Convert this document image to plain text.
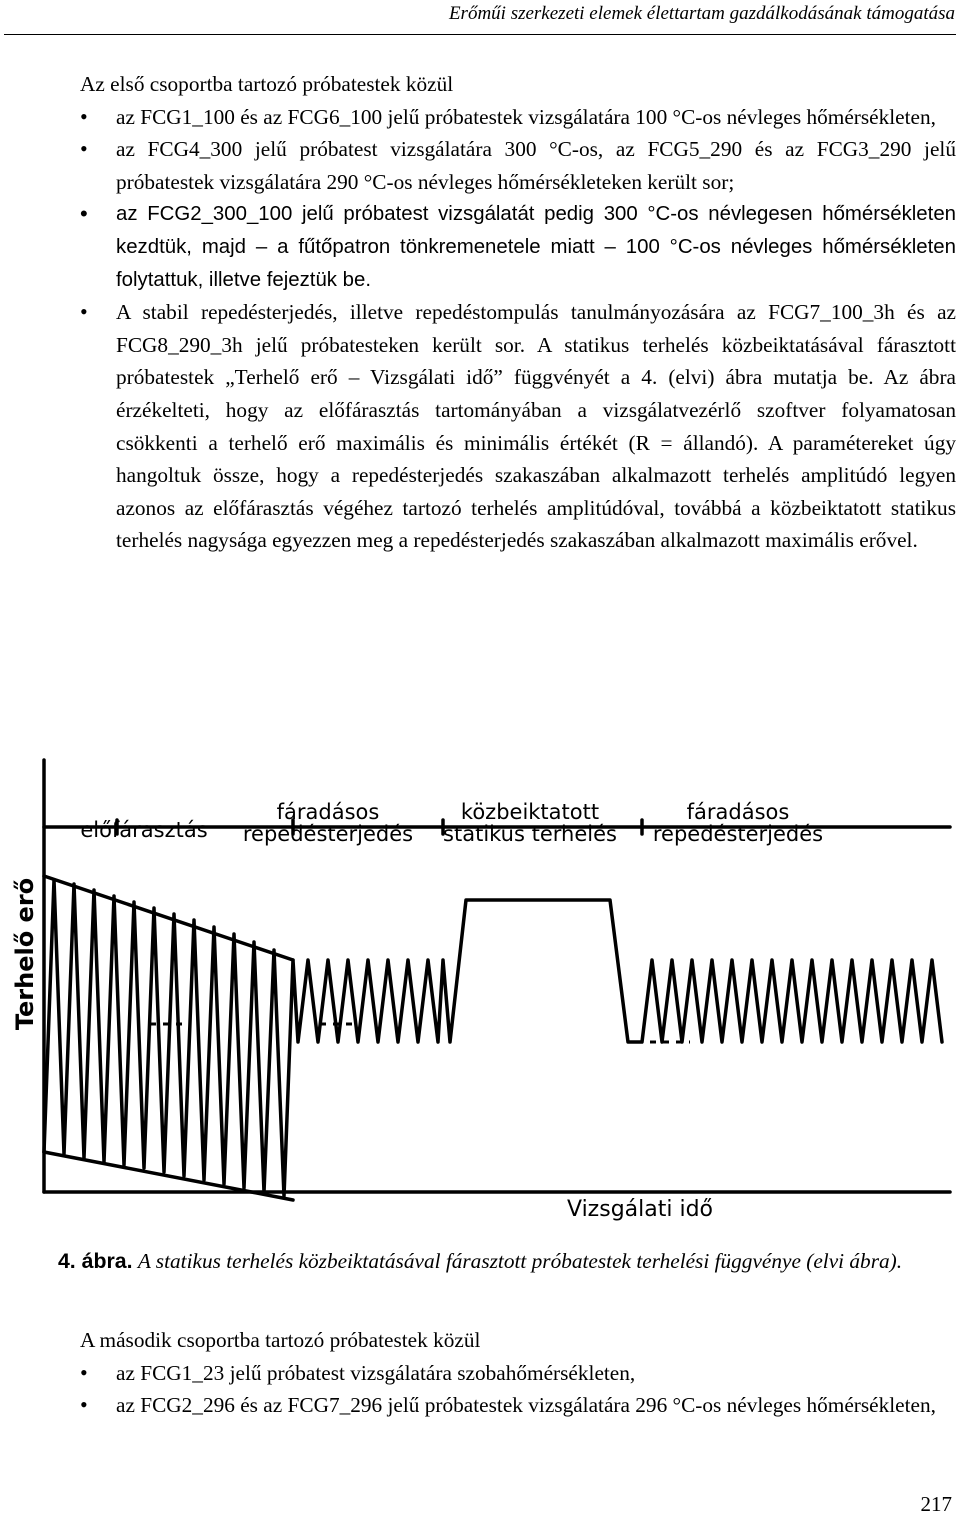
Erőműi szerkezeti elemek élettartam gazdálkodásának támogatása

Az első csoportba tartozó próbatestek közül

• az FCG1_100 és az FCG6_100 jelű próbatestek vizsgálatára 100 °C-os névleges hőmérsékleten,
• az FCG4_300 jelű próbatest vizsgálatára 300 °C-os, az FCG5_290 és az FCG3_290 jelű próbatestek vizsgálatára 290 °C-os névleges hőmérsékleteken került sor;
• az FCG2_300_100 jelű próbatest vizsgálatát pedig 300 °C-os névlegesen hőmérsékleten kezdtük, majd – a fűtőpatron tönkremenetele miatt – 100 °C-os névleges hőmérsékleten folytattuk, illetve fejeztük be.
• A stabil repedésterjedés, illetve repedéstompulás tanulmányozására az FCG7_100_3h és az FCG8_290_3h jelű próbatesteken került sor. A statikus terhelés közbeiktatásával fárasztott próbatestek „Terhelő erő – Vizsgálati idő” függvényét a 4. (elvi) ábra mutatja be. Az ábra érzékelteti, hogy az előfárasztás tartományában a vizsgálatvezérlő szoftver folyamatosan csökkenti a terhelő erő maximális és minimális értékét (R = állandó). A paramétereket úgy hangoltuk össze, hogy a repedésterjedés szakaszában alkalmazott terhelés amplitúdó legyen azonos az előfárasztás végéhez tartozó terhelés amplitúdóval, továbbá a közbeiktatott statikus terhelés nagysága egyezzen meg a repedésterjedés szakaszában alkalmazott maximális erővel.
Terhelő erő
Vizsgálati idő
előfárasztás
fáradásos
repedésterjedés
közbeiktatott
statikus terhelés
fáradásos
repedésterjedés
4. ábra. A statikus terhelés közbeiktatásával fárasztott próbatestek terhelési függvénye (elvi ábra).

A második csoportba tartozó próbatestek közül

• az FCG1_23 jelű próbatest vizsgálatára szobahőmérsékleten,
• az FCG2_296 és az FCG7_296 jelű próbatestek vizsgálatára 296 °C-os névleges hőmérsékleten,
217
